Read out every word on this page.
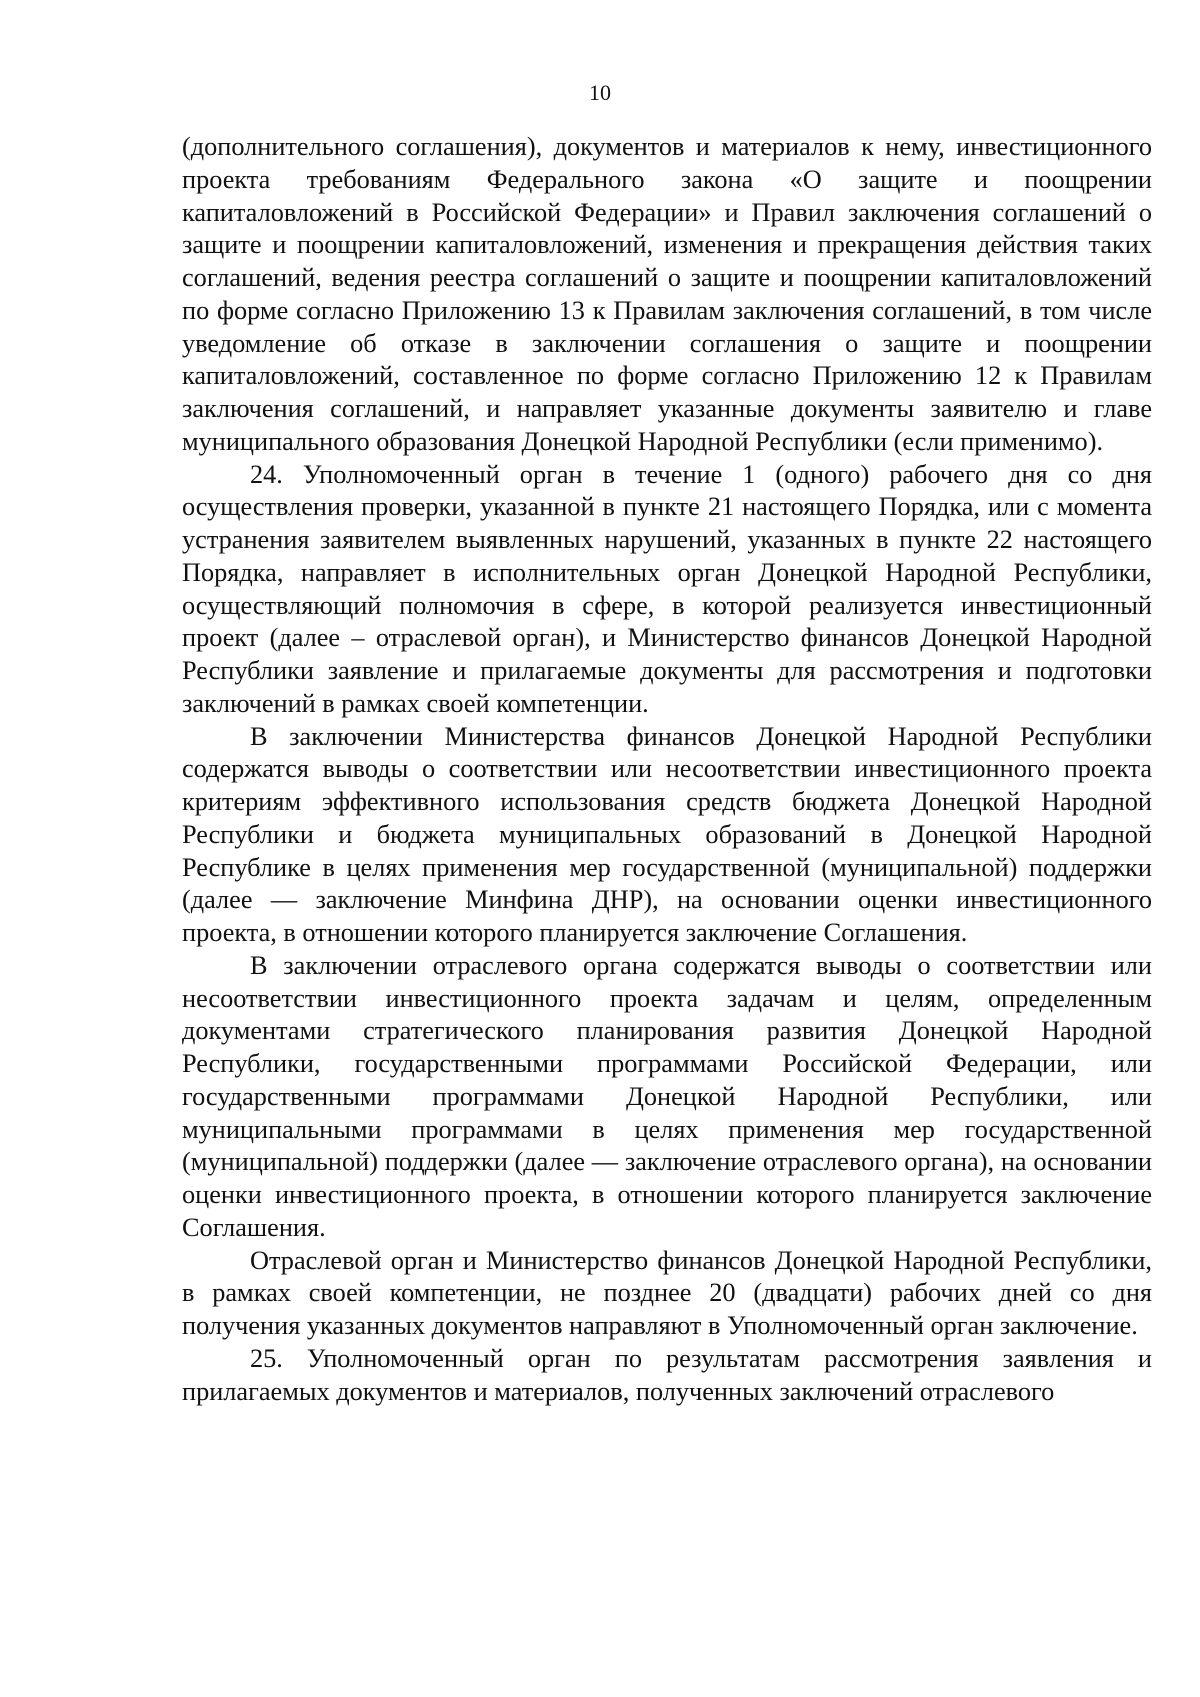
10

(дополнительного соглашения), документов и материалов к нему, инвестиционного проекта требованиям Федерального закона «О защите и поощрении капиталовложений в Российской Федерации» и Правил заключения соглашений о защите и поощрении капиталовложений, изменения и прекращения действия таких соглашений, ведения реестра соглашений о защите и поощрении капиталовложений по форме согласно Приложению 13 к Правилам заключения соглашений, в том числе уведомление об отказе в заключении соглашения о защите и поощрении капиталовложений, составленное по форме согласно Приложению 12 к Правилам заключения соглашений, и направляет указанные документы заявителю и главе муниципального образования Донецкой Народной Республики (если применимо).

24. Уполномоченный орган в течение 1 (одного) рабочего дня со дня осуществления проверки, указанной в пункте 21 настоящего Порядка, или с момента устранения заявителем выявленных нарушений, указанных в пункте 22 настоящего Порядка, направляет в исполнительных орган Донецкой Народной Республики, осуществляющий полномочия в сфере, в которой реализуется инвестиционный проект (далее – отраслевой орган), и Министерство финансов Донецкой Народной Республики заявление и прилагаемые документы для рассмотрения и подготовки заключений в рамках своей компетенции.

В заключении Министерства финансов Донецкой Народной Республики содержатся выводы о соответствии или несоответствии инвестиционного проекта критериям эффективного использования средств бюджета Донецкой Народной Республики и бюджета муниципальных образований в Донецкой Народной Республике в целях применения мер государственной (муниципальной) поддержки (далее — заключение Минфина ДНР), на основании оценки инвестиционного проекта, в отношении которого планируется заключение Соглашения.

В заключении отраслевого органа содержатся выводы о соответствии или несоответствии инвестиционного проекта задачам и целям, определенным документами стратегического планирования развития Донецкой Народной Республики, государственными программами Российской Федерации, или государственными программами Донецкой Народной Республики, или муниципальными программами в целях применения мер государственной (муниципальной) поддержки (далее — заключение отраслевого органа), на основании оценки инвестиционного проекта, в отношении которого планируется заключение Соглашения.

Отраслевой орган и Министерство финансов Донецкой Народной Республики, в рамках своей компетенции, не позднее 20 (двадцати) рабочих дней со дня получения указанных документов направляют в Уполномоченный орган заключение.

25. Уполномоченный орган по результатам рассмотрения заявления и прилагаемых документов и материалов, полученных заключений отраслевого
